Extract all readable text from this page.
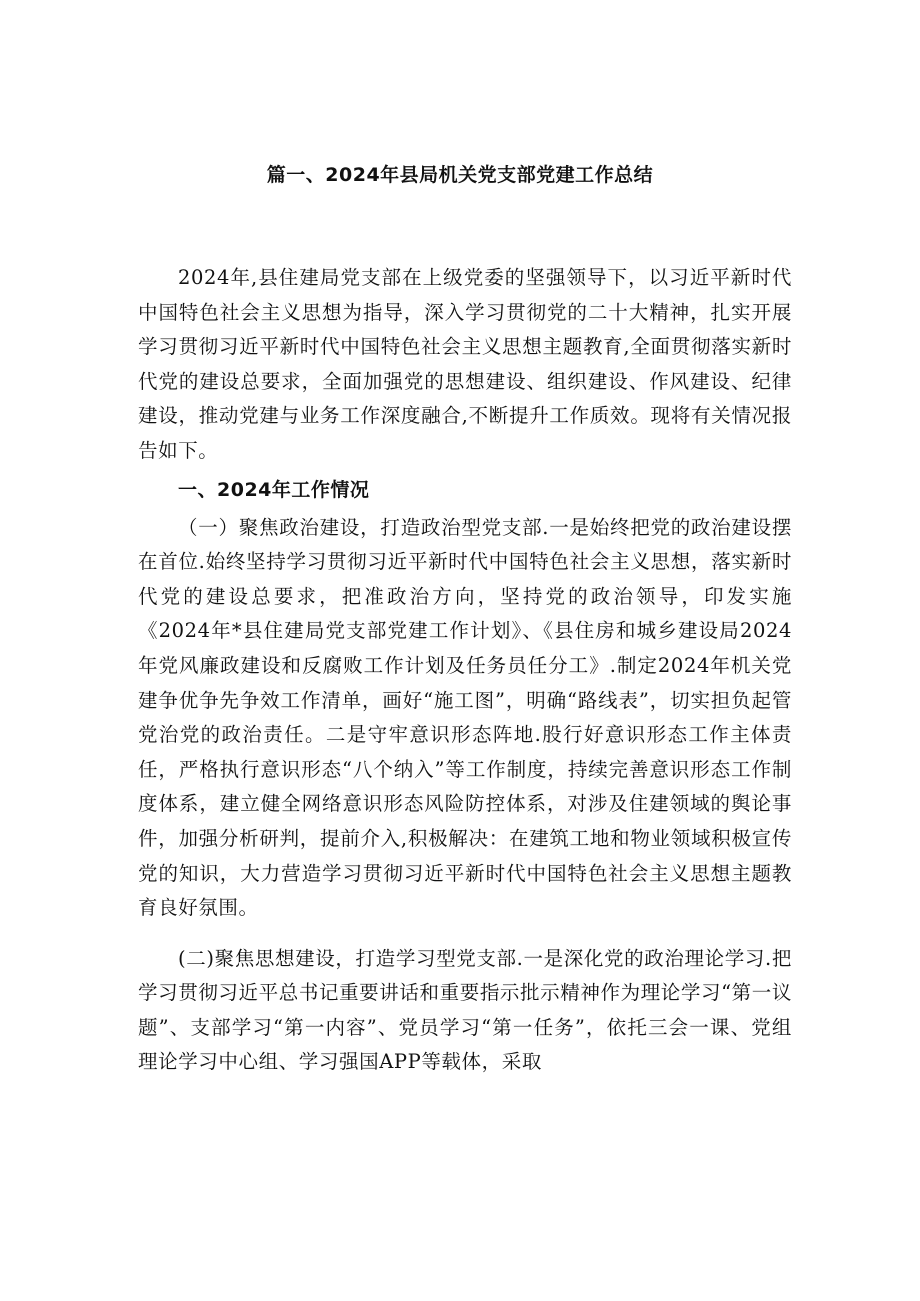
篇一、2024年县局机关党支部党建工作总结

2024年,县住建局党支部在上级党委的坚强领导下，以习近平新时代中国特色社会主义思想为指导，深入学习贯彻党的二十大精神，扎实开展学习贯彻习近平新时代中国特色社会主义思想主题教育,全面贯彻落实新时代党的建设总要求，全面加强党的思想建设、组织建设、作风建设、纪律建设，推动党建与业务工作深度融合,不断提升工作质效。现将有关情况报告如下。

一、2024年工作情况

（一）聚焦政治建设，打造政治型党支部.一是始终把党的政治建设摆在首位.始终坚持学习贯彻习近平新时代中国特色社会主义思想，落实新时代党的建设总要求，把准政治方向，坚持党的政治领导，印发实施《2024年*县住建局党支部党建工作计划》、《县住房和城乡建设局2024年党风廉政建设和反腐败工作计划及任务员任分工》.制定2024年机关党建争优争先争效工作清单，画好“施工图”，明确“路线表”，切实担负起管党治党的政治责任。二是守牢意识形态阵地.股行好意识形态工作主体责任，严格执行意识形态“八个纳入”等工作制度，持续完善意识形态工作制度体系，建立健全网络意识形态风险防控体系，对涉及住建领域的舆论事件，加强分析研判，提前介入,积极解决：在建筑工地和物业领域积极宣传党的知识，大力营造学习贯彻习近平新时代中国特色社会主义思想主题教育良好氛围。

(二)聚焦思想建设，打造学习型党支部.一是深化党的政治理论学习.把学习贯彻习近平总书记重要讲话和重要指示批示精神作为理论学习“第一议题”、支部学习“第一内容”、党员学习“第一任务”，依托三会一课、党组理论学习中心组、学习强国APP等载体，采取
